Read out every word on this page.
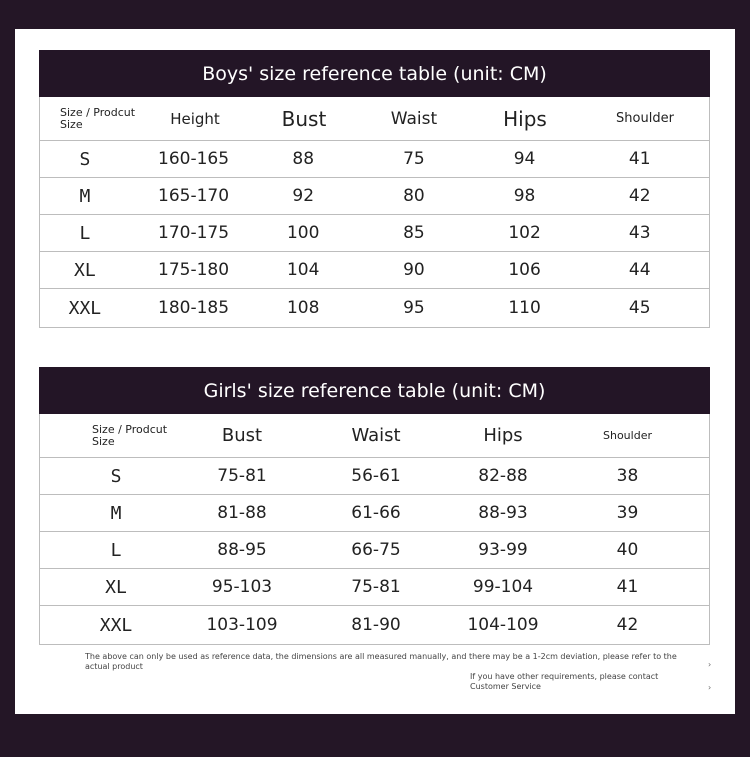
Boys' size reference table (unit: CM)
Size / Prodcut Size	Height	Bust	Waist	Hips	Shoulder
S	160-165	88	75	94	41
M	165-170	92	80	98	42
L	170-175	100	85	102	43
XL	175-180	104	90	106	44
XXL	180-185	108	95	110	45
Girls' size reference table (unit: CM)
Size / Prodcut Size	Bust	Waist	Hips	Shoulder
S	75-81	56-61	82-88	38
M	81-88	61-66	88-93	39
L	88-95	66-75	93-99	40
XL	95-103	75-81	99-104	41
XXL	103-109	81-90	104-109	42
The above can only be used as reference data, the dimensions are all measured manually, and there may be a 1-2cm deviation, please refer to the actual product
If you have other requirements, please contact Customer Service
›
›
